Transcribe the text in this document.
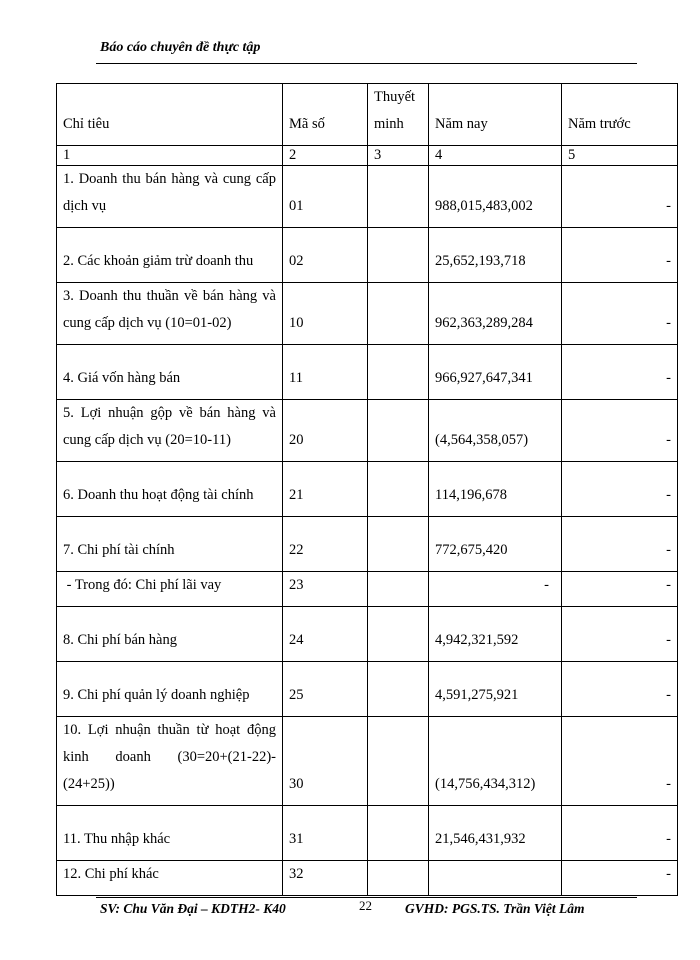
Báo cáo chuyên đề thực tập
Chỉ tiêu	Mã số	Thuyết minh	Năm nay	Năm trước
1	2	3	4	5
1. Doanh thu bán hàng và cung cấp dịch vụ	01		988,015,483,002	-
2. Các khoản giảm trừ doanh thu	02		25,652,193,718	-
3. Doanh thu thuần về bán hàng và cung cấp dịch vụ (10=01-02)	10		962,363,289,284	-
4. Giá vốn hàng bán	11		966,927,647,341	-
5. Lợi nhuận gộp về bán hàng và cung cấp dịch vụ (20=10-11)	20		(4,564,358,057)	-
6. Doanh thu hoạt động tài chính	21		114,196,678	-
7. Chi phí tài chính	22		772,675,420	-
- Trong đó: Chi phí lãi vay	23		-	-
8. Chi phí bán hàng	24		4,942,321,592	-
9. Chi phí quản lý doanh nghiệp	25		4,591,275,921	-
10. Lợi nhuận thuần từ hoạt động kinh doanh (30=20+(21-22)-(24+25))	30		(14,756,434,312)	-
11. Thu nhập khác	31		21,546,431,932	-
12. Chi phí khác	32			-
SV: Chu Văn Đại – KDTH2- K40	22 GVHD: PGS.TS. Trần Việt Lâm
